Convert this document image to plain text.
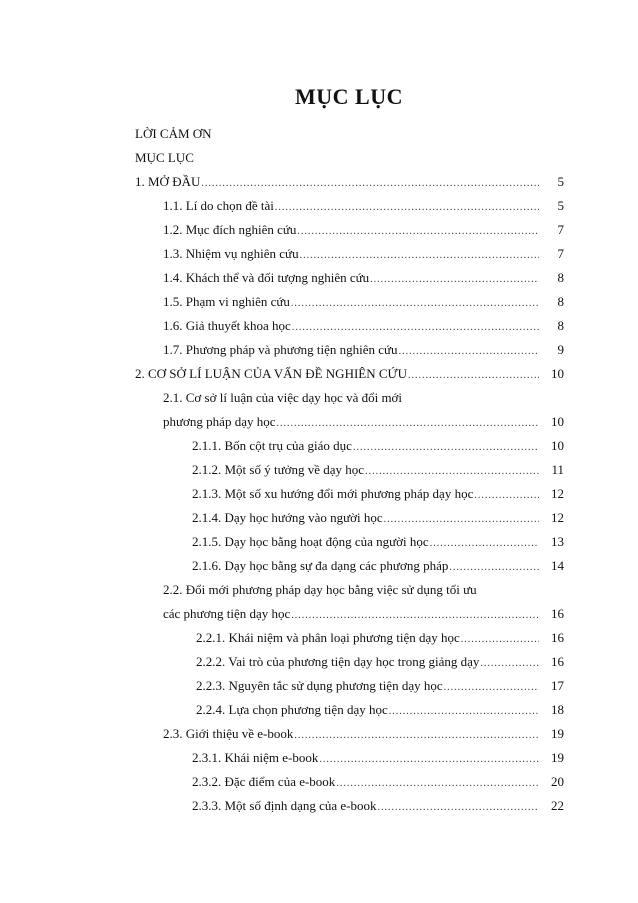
MỤC LỤC
LỜI CẢM ƠN
MỤC LỤC
1. MỞ ĐẦU .....	5
1.1. Lí do chọn đề tài .....	5
1.2. Mục đích nghiên cứu .....	7
1.3. Nhiệm vụ nghiên cứu .....	7
1.4. Khách thể và đối tượng nghiên cứu .....	8
1.5. Phạm vi nghiên cứu .....	8
1.6. Giả thuyết khoa học .....	8
1.7. Phương pháp và phương tiện nghiên cứu .....	9
2. CƠ SỞ LÍ LUẬN CỦA VẤN ĐỀ NGHIÊN CỨU .....	10
2.1. Cơ sở lí luận của việc dạy học và đổi mới
phương pháp dạy học .....	10
2.1.1. Bốn cột trụ của giáo dục .....	10
2.1.2. Một số ý tưởng về dạy học .....	11
2.1.3. Một số xu hướng đổi mới phương pháp dạy học .....	12
2.1.4. Dạy học hướng vào người học .....	12
2.1.5. Dạy học bằng hoạt động của người học .....	13
2.1.6. Dạy học bằng sự đa dạng các phương pháp .....	14
2.2. Đổi mới phương pháp dạy học bằng việc sử dụng tối ưu
các phương tiện dạy học .....	16
2.2.1. Khái niệm và phân loại phương tiện dạy học .....	16
2.2.2. Vai trò của phương tiện dạy học trong giảng dạy .....	16
2.2.3. Nguyên tắc sử dụng phương tiện dạy học .....	17
2.2.4. Lựa chọn phương tiện dạy học .....	18
2.3. Giới thiệu về e-book .....	19
2.3.1. Khái niệm e-book .....	19
2.3.2. Đặc điểm của e-book .....	20
2.3.3. Một số định dạng của e-book .....	22
